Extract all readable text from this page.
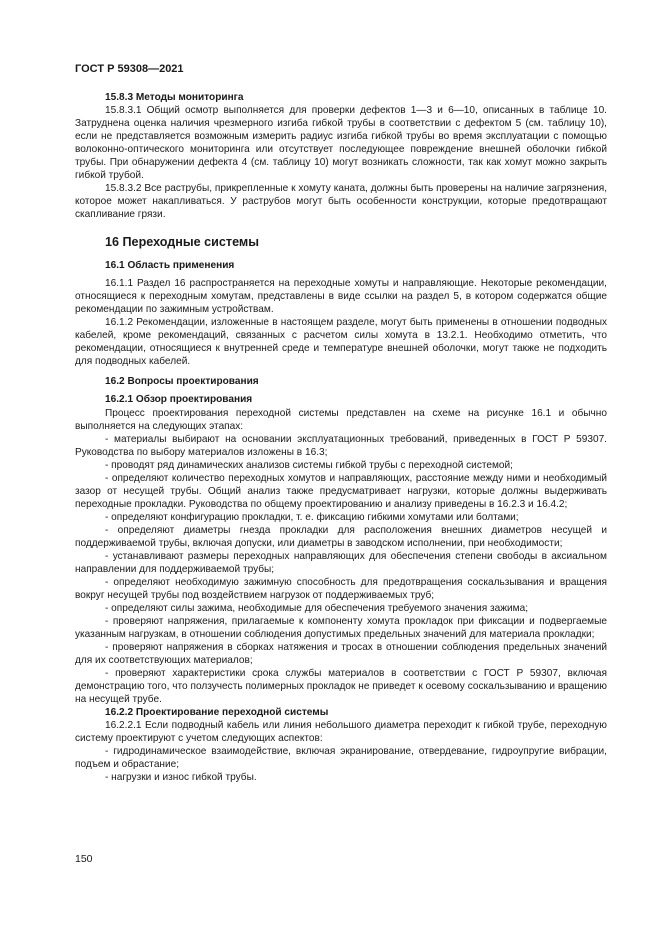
ГОСТ Р 59308—2021

15.8.3 Методы мониторинга

15.8.3.1 Общий осмотр выполняется для проверки дефектов 1—3 и 6—10, описанных в таблице 10. Затруднена оценка наличия чрезмерного изгиба гибкой трубы в соответствии с дефектом 5 (см. таблицу 10), если не представляется возможным измерить радиус изгиба гибкой трубы во время эксплуатации с помощью волоконно-оптического мониторинга или отсутствует последующее повреждение внешней оболочки гибкой трубы. При обнаружении дефекта 4 (см. таблицу 10) могут возникать сложности, так как хомут можно закрыть гибкой трубой.

15.8.3.2 Все раструбы, прикрепленные к хомуту каната, должны быть проверены на наличие загрязнения, которое может накапливаться. У раструбов могут быть особенности конструкции, которые предотвращают скапливание грязи.

16 Переходные системы
16.1 Область применения

16.1.1 Раздел 16 распространяется на переходные хомуты и направляющие. Некоторые рекомендации, относящиеся к переходным хомутам, представлены в виде ссылки на раздел 5, в котором содержатся общие рекомендации по зажимным устройствам.

16.1.2 Рекомендации, изложенные в настоящем разделе, могут быть применены в отношении подводных кабелей, кроме рекомендаций, связанных с расчетом силы хомута в 13.2.1. Необходимо отметить, что рекомендации, относящиеся к внутренней среде и температуре внешней оболочки, могут также не подходить для подводных кабелей.

16.2 Вопросы проектирования
16.2.1 Обзор проектирования

Процесс проектирования переходной системы представлен на схеме на рисунке 16.1 и обычно выполняется на следующих этапах:

- материалы выбирают на основании эксплуатационных требований, приведенных в ГОСТ Р 59307. Руководства по выбору материалов изложены в 16.3;

- проводят ряд динамических анализов системы гибкой трубы с переходной системой;

- определяют количество переходных хомутов и направляющих, расстояние между ними и необходимый зазор от несущей трубы. Общий анализ также предусматривает нагрузки, которые должны выдерживать переходные прокладки. Руководства по общему проектированию и анализу приведены в 16.2.3 и 16.4.2;

- определяют конфигурацию прокладки, т. е. фиксацию гибкими хомутами или болтами;

- определяют диаметры гнезда прокладки для расположения внешних диаметров несущей и поддерживаемой трубы, включая допуски, или диаметры в заводском исполнении, при необходимости;

- устанавливают размеры переходных направляющих для обеспечения степени свободы в аксиальном направлении для поддерживаемой трубы;

- определяют необходимую зажимную способность для предотвращения соскальзывания и вращения вокруг несущей трубы под воздействием нагрузок от поддерживаемых труб;

- определяют силы зажима, необходимые для обеспечения требуемого значения зажима;

- проверяют напряжения, прилагаемые к компоненту хомута прокладок при фиксации и подвергаемые указанным нагрузкам, в отношении соблюдения допустимых предельных значений для материала прокладки;

- проверяют напряжения в сборках натяжения и тросах в отношении соблюдения предельных значений для их соответствующих материалов;

- проверяют характеристики срока службы материалов в соответствии с ГОСТ Р 59307, включая демонстрацию того, что ползучесть полимерных прокладок не приведет к осевому соскальзыванию и вращению на несущей трубе.

16.2.2 Проектирование переходной системы

16.2.2.1 Если подводный кабель или линия небольшого диаметра переходит к гибкой трубе, переходную систему проектируют с учетом следующих аспектов:

- гидродинамическое взаимодействие, включая экранирование, отвердевание, гидроупругие вибрации, подъем и обрастание;

- нагрузки и износ гибкой трубы.

150
